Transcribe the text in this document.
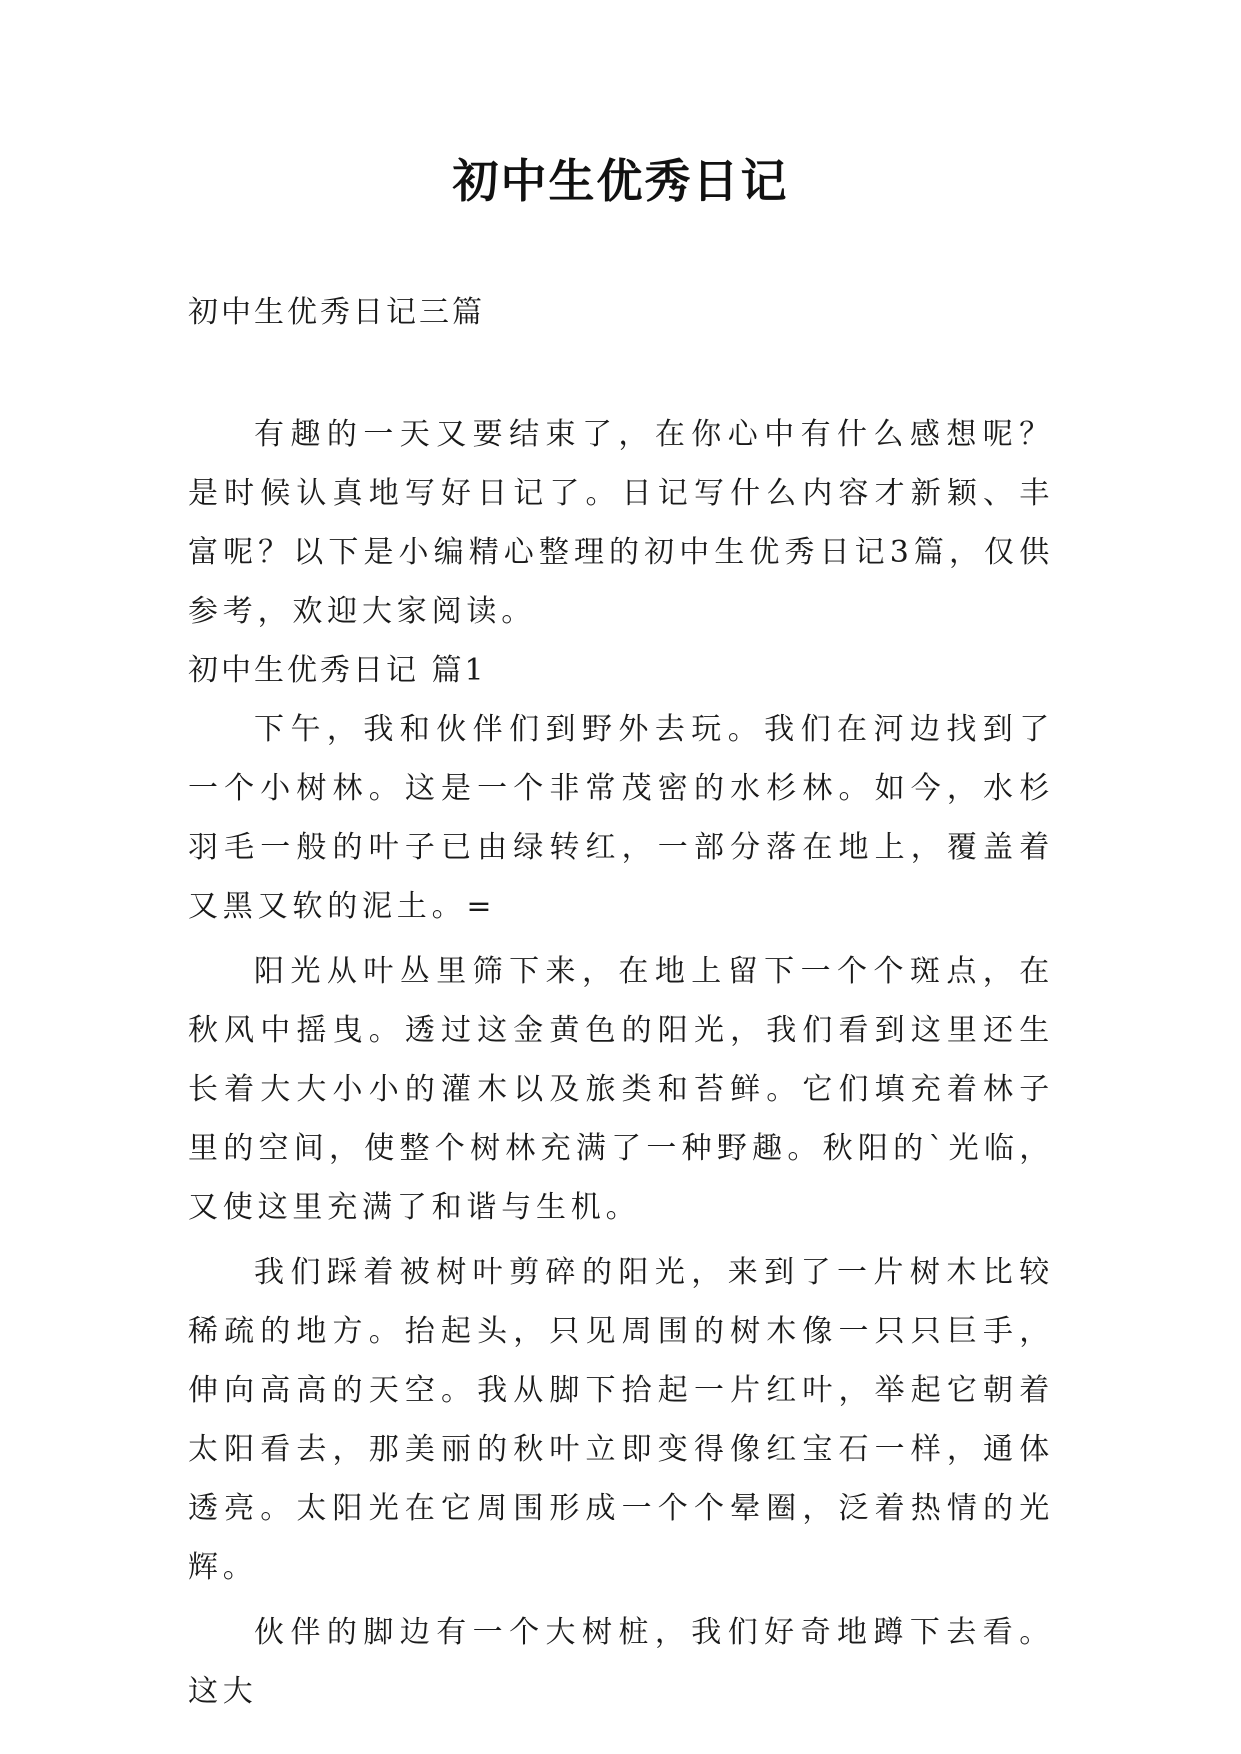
初中生优秀日记
初中生优秀日记三篇

有趣的一天又要结束了，在你心中有什么感想呢？是时候认真地写好日记了。日记写什么内容才新颖、丰富呢？以下是小编精心整理的初中生优秀日记3篇，仅供参考，欢迎大家阅读。

初中生优秀日记 篇1

下午，我和伙伴们到野外去玩。我们在河边找到了一个小树林。这是一个非常茂密的水杉林。如今，水杉羽毛一般的叶子已由绿转红，一部分落在地上，覆盖着又黑又软的泥土。=

阳光从叶丛里筛下来，在地上留下一个个斑点，在秋风中摇曳。透过这金黄色的阳光，我们看到这里还生长着大大小小的灌木以及旅类和苔鲜。它们填充着林子里的空间，使整个树林充满了一种野趣。秋阳的`光临，又使这里充满了和谐与生机。

我们踩着被树叶剪碎的阳光，来到了一片树木比较稀疏的地方。抬起头，只见周围的树木像一只只巨手，伸向高高的天空。我从脚下拾起一片红叶，举起它朝着太阳看去，那美丽的秋叶立即变得像红宝石一样，通体透亮。太阳光在它周围形成一个个晕圈，泛着热情的光辉。

伙伴的脚边有一个大树桩，我们好奇地蹲下去看。这大
